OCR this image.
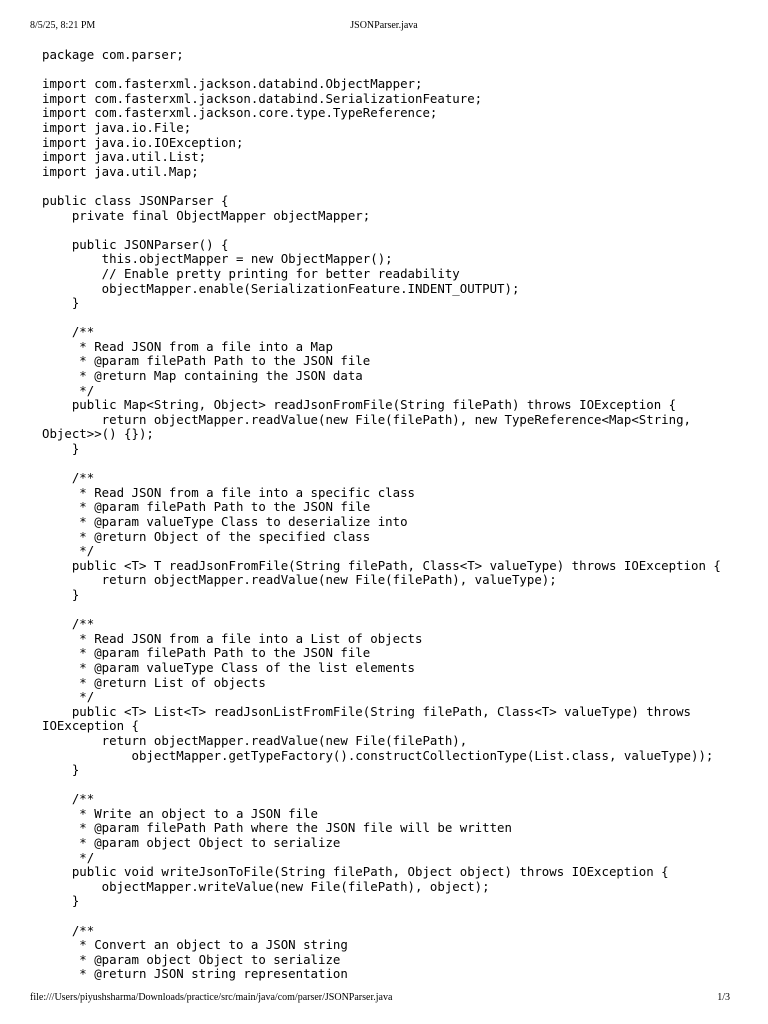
8/5/25, 8:21 PM	JSONParser.java
package com.parser;
import com.fasterxml.jackson.databind.ObjectMapper;
import com.fasterxml.jackson.databind.SerializationFeature;
import com.fasterxml.jackson.core.type.TypeReference;
import java.io.File;
import java.io.IOException;
import java.util.List;
import java.util.Map;
public class JSONParser {
private final ObjectMapper objectMapper;
public JSONParser() {
this.objectMapper = new ObjectMapper();
// Enable pretty printing for better readability
objectMapper.enable(SerializationFeature.INDENT_OUTPUT);
}
/**
* Read JSON from a file into a Map
* @param filePath Path to the JSON file
* @return Map containing the JSON data
*/
public Map<String, Object> readJsonFromFile(String filePath) throws IOException {
return objectMapper.readValue(new File(filePath), new TypeReference<Map<String,
Object>>() {});
}
/**
* Read JSON from a file into a specific class
* @param filePath Path to the JSON file
* @param valueType Class to deserialize into
* @return Object of the specified class
*/
public <T> T readJsonFromFile(String filePath, Class<T> valueType) throws IOException {
return objectMapper.readValue(new File(filePath), valueType);
}
/**
* Read JSON from a file into a List of objects
* @param filePath Path to the JSON file
* @param valueType Class of the list elements
* @return List of objects
*/
public <T> List<T> readJsonListFromFile(String filePath, Class<T> valueType) throws
IOException {
return objectMapper.readValue(new File(filePath),
objectMapper.getTypeFactory().constructCollectionType(List.class, valueType));
}
/**
* Write an object to a JSON file
* @param filePath Path where the JSON file will be written
* @param object Object to serialize
*/
public void writeJsonToFile(String filePath, Object object) throws IOException {
objectMapper.writeValue(new File(filePath), object);
}
/**
* Convert an object to a JSON string
* @param object Object to serialize
* @return JSON string representation
file:///Users/piyushsharma/Downloads/practice/src/main/java/com/parser/JSONParser.java	1/3
